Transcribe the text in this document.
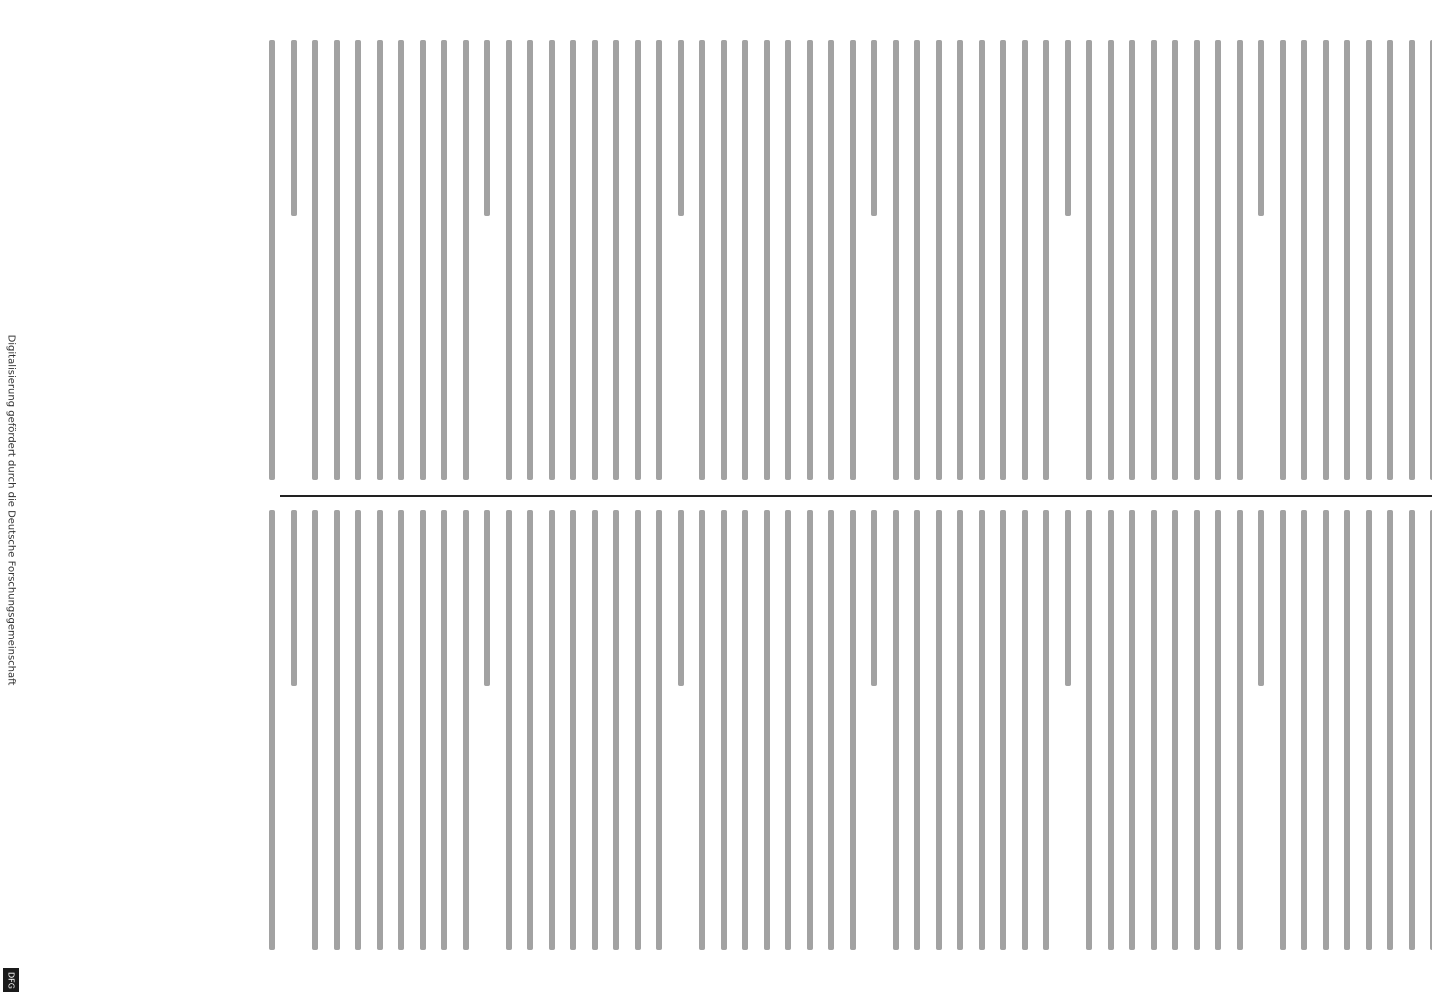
Digitalisierung gefördert durch die Deutsche Forschungsgemeinschaft
DFG
